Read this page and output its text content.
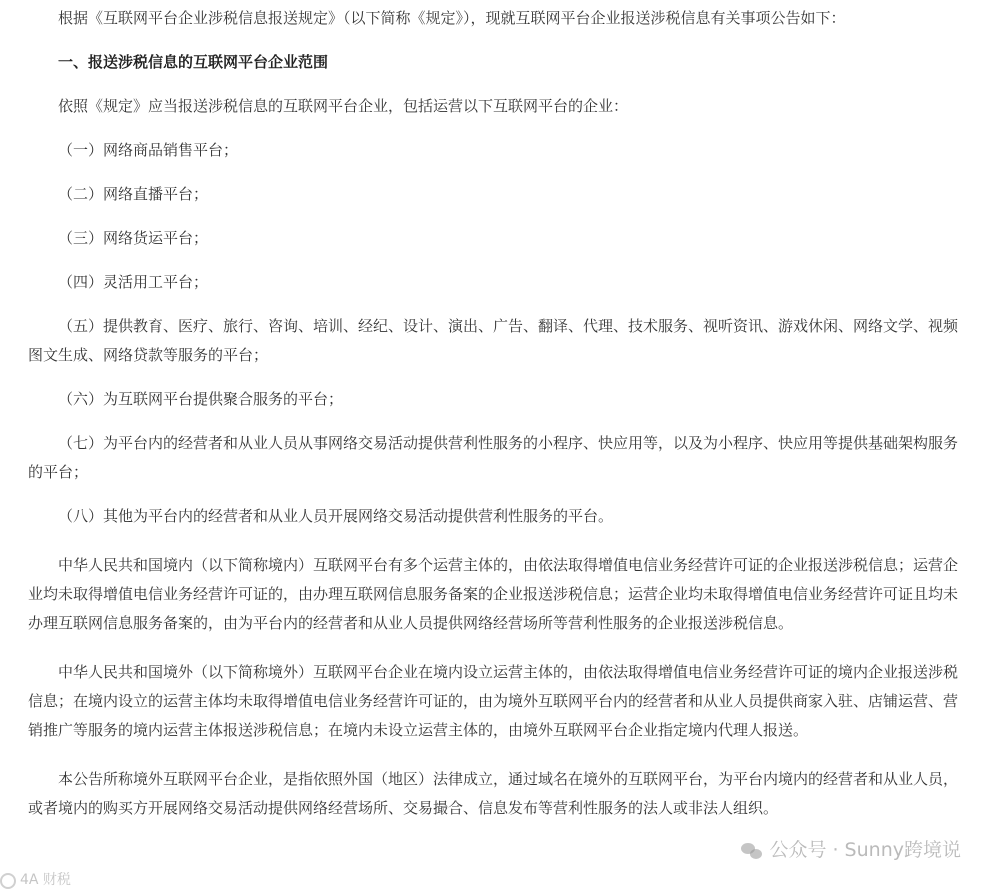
根据《互联网平台企业涉税信息报送规定》（以下简称《规定》），现就互联网平台企业报送涉税信息有关事项公告如下：

一、报送涉税信息的互联网平台企业范围

依照《规定》应当报送涉税信息的互联网平台企业，包括运营以下互联网平台的企业：

（一）网络商品销售平台；

（二）网络直播平台；

（三）网络货运平台；

（四）灵活用工平台；

（五）提供教育、医疗、旅行、咨询、培训、经纪、设计、演出、广告、翻译、代理、技术服务、视听资讯、游戏休闲、网络文学、视频图文生成、网络贷款等服务的平台；

（六）为互联网平台提供聚合服务的平台；

（七）为平台内的经营者和从业人员从事网络交易活动提供营利性服务的小程序、快应用等，以及为小程序、快应用等提供基础架构服务的平台；

（八）其他为平台内的经营者和从业人员开展网络交易活动提供营利性服务的平台。

中华人民共和国境内（以下简称境内）互联网平台有多个运营主体的，由依法取得增值电信业务经营许可证的企业报送涉税信息；运营企业均未取得增值电信业务经营许可证的，由办理互联网信息服务备案的企业报送涉税信息；运营企业均未取得增值电信业务经营许可证且均未办理互联网信息服务备案的，由为平台内的经营者和从业人员提供网络经营场所等营利性服务的企业报送涉税信息。

中华人民共和国境外（以下简称境外）互联网平台企业在境内设立运营主体的，由依法取得增值电信业务经营许可证的境内企业报送涉税信息；在境内设立的运营主体均未取得增值电信业务经营许可证的，由为境外互联网平台内的经营者和从业人员提供商家入驻、店铺运营、营销推广等服务的境内运营主体报送涉税信息；在境内未设立运营主体的，由境外互联网平台企业指定境内代理人报送。

本公告所称境外互联网平台企业，是指依照外国（地区）法律成立，通过域名在境外的互联网平台，为平台内境内的经营者和从业人员，或者境内的购买方开展网络交易活动提供网络经营场所、交易撮合、信息发布等营利性服务的法人或非法人组织。

4A 财税
公众号 · Sunny跨境说
